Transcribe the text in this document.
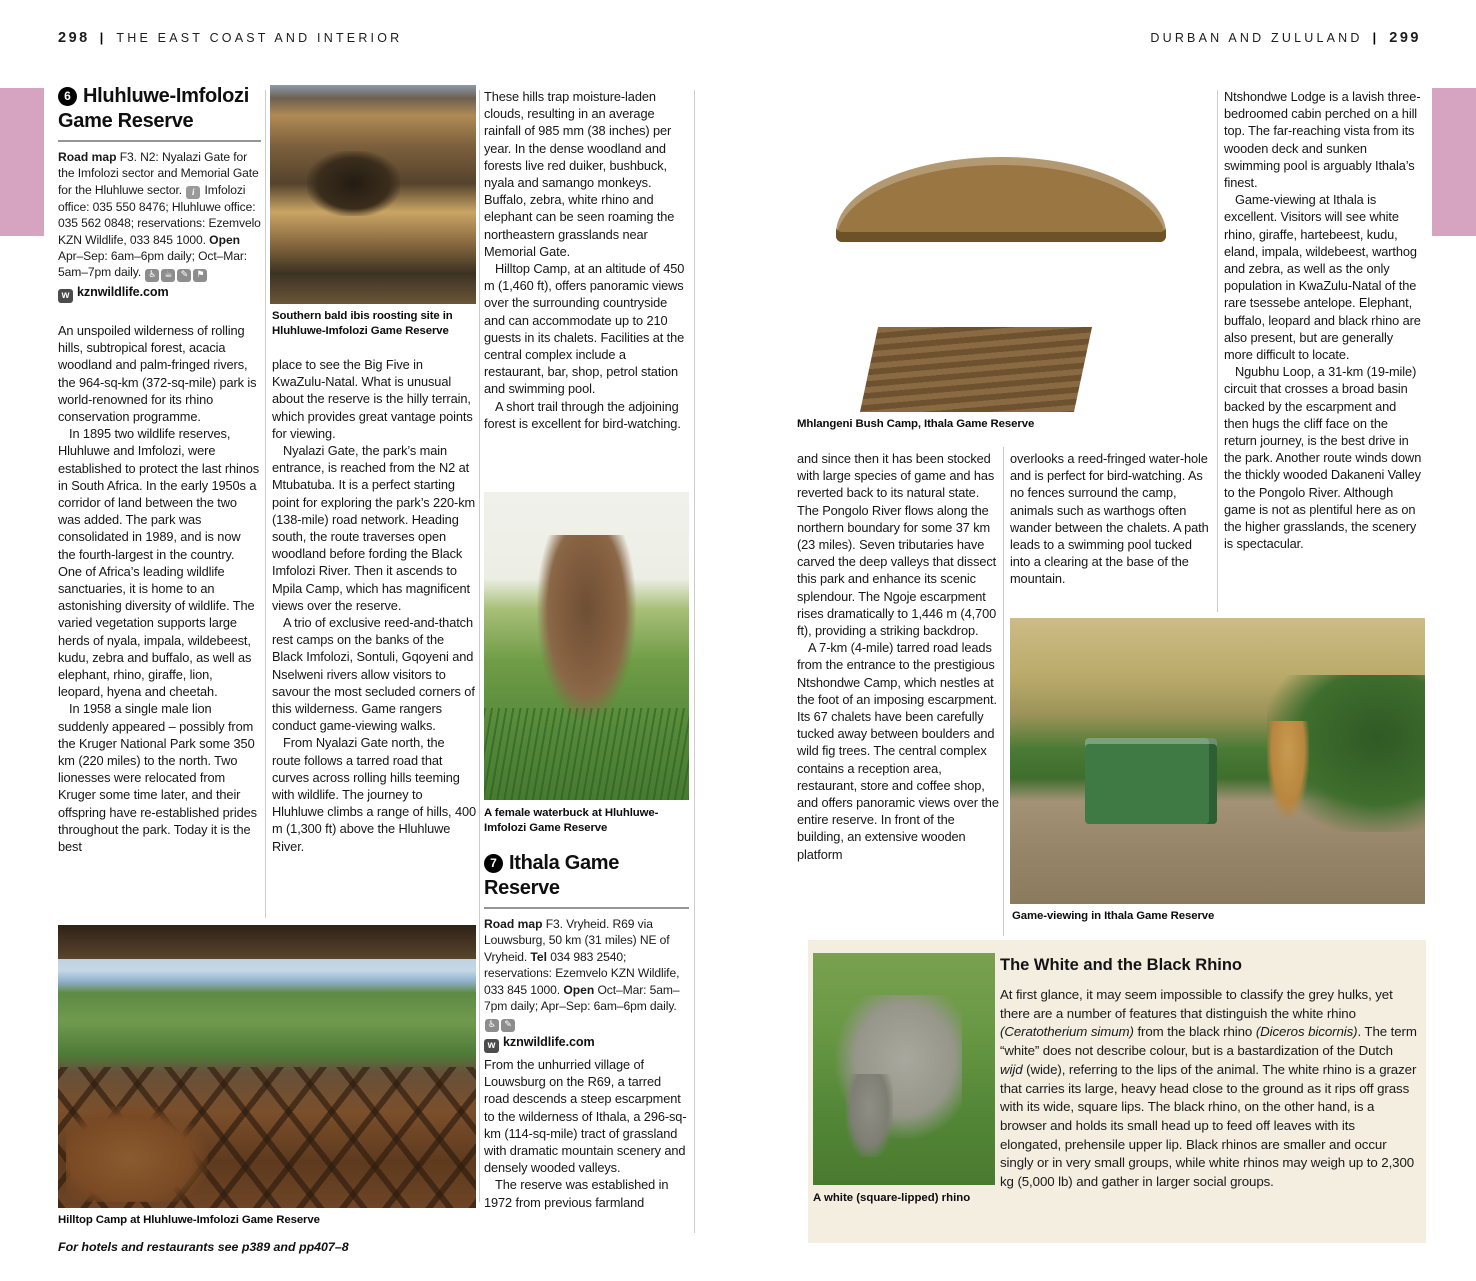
298 | THE EAST COAST AND INTERIOR	DURBAN AND ZULULAND | 299
6 Hluhluwe-Imfolozi
Game Reserve
Road map F3. N2: Nyalazi Gate for the Imfolozi sector and Memorial Gate for the Hluhluwe sector. i Imfolozi office: 035 550 8476; Hluhluwe office: 035 562 0848; reservations: Ezemvelo KZN Wildlife, 033 845 1000. Open Apr–Sep: 6am–6pm daily; Oct–Mar: 5am–7pm daily. ♿ ☕ ✎ ⚑
w kznwildlife.com

An unspoiled wilderness of rolling hills, subtropical forest, acacia woodland and palm-fringed rivers, the 964-sq-km (372-sq-mile) park is world-renowned for its rhino conservation programme.

In 1895 two wildlife reserves, Hluhluwe and Imfolozi, were established to protect the last rhinos in South Africa. In the early 1950s a corridor of land between the two was added. The park was consolidated in 1989, and is now the fourth-largest in the country. One of Africa’s leading wildlife sanctuaries, it is home to an astonishing diversity of wildlife. The varied vegetation supports large herds of nyala, impala, wildebeest, kudu, zebra and buffalo, as well as elephant, rhino, giraffe, lion, leopard, hyena and cheetah.

In 1958 a single male lion suddenly appeared – possibly from the Kruger National Park some 350 km (220 miles) to the north. Two lionesses were relocated from Kruger some time later, and their offspring have re-established prides throughout the park. Today it is the best

Southern bald ibis roosting site in Hluhluwe-Imfolozi Game Reserve

place to see the Big Five in KwaZulu-Natal. What is unusual about the reserve is the hilly terrain, which provides great vantage points for viewing.

Nyalazi Gate, the park’s main entrance, is reached from the N2 at Mtubatuba. It is a perfect starting point for exploring the park’s 220-km (138-mile) road network. Heading south, the route traverses open woodland before fording the Black Imfolozi River. Then it ascends to Mpila Camp, which has magnificent views over the reserve.

A trio of exclusive reed-and-thatch rest camps on the banks of the Black Imfolozi, Sontuli, Gqoyeni and Nselweni rivers allow visitors to savour the most secluded corners of this wilderness. Game rangers conduct game-viewing walks.

From Nyalazi Gate north, the route follows a tarred road that curves across rolling hills teeming with wildlife. The journey to Hluhluwe climbs a range of hills, 400 m (1,300 ft) above the Hluhluwe River.

These hills trap moisture-laden clouds, resulting in an average rainfall of 985 mm (38 inches) per year. In the dense woodland and forests live red duiker, bushbuck, nyala and samango monkeys. Buffalo, zebra, white rhino and elephant can be seen roaming the northeastern grasslands near Memorial Gate.

Hilltop Camp, at an altitude of 450 m (1,460 ft), offers panoramic views over the surrounding countryside and can accommodate up to 210 guests in its chalets. Facilities at the central complex include a restaurant, bar, shop, petrol station and swimming pool.

A short trail through the adjoining forest is excellent for bird-watching.

A female waterbuck at Hluhluwe-Imfolozi Game Reserve
7 Ithala Game
Reserve
Road map F3. Vryheid. R69 via Louwsburg, 50 km (31 miles) NE of Vryheid. Tel 034 983 2540; reservations: Ezemvelo KZN Wildlife, 033 845 1000. Open Oct–Mar: 5am–7pm daily; Apr–Sep: 6am–6pm daily. ♿ ✎
w kznwildlife.com

From the unhurried village of Louwsburg on the R69, a tarred road descends a steep escarpment to the wilderness of Ithala, a 296-sq-km (114-sq-mile) tract of grassland with dramatic mountain scenery and densely wooded valleys.

The reserve was established in 1972 from previous farmland

Hilltop Camp at Hluhluwe-Imfolozi Game Reserve
For hotels and restaurants see p389 and pp407–8
Mhlangeni Bush Camp, Ithala Game Reserve

and since then it has been stocked with large species of game and has reverted back to its natural state. The Pongolo River flows along the northern boundary for some 37 km (23 miles). Seven tributaries have carved the deep valleys that dissect this park and enhance its scenic splendour. The Ngoje escarpment rises dramatically to 1,446 m (4,700 ft), providing a striking backdrop.

A 7-km (4-mile) tarred road leads from the entrance to the prestigious Ntshondwe Camp, which nestles at the foot of an imposing escarpment. Its 67 chalets have been carefully tucked away between boulders and wild fig trees. The central complex contains a reception area, restaurant, store and coffee shop, and offers panoramic views over the entire reserve. In front of the building, an extensive wooden platform

overlooks a reed-fringed water-hole and is perfect for bird-watching. As no fences surround the camp, animals such as warthogs often wander between the chalets. A path leads to a swimming pool tucked into a clearing at the base of the mountain.

Game-viewing in Ithala Game Reserve

Ntshondwe Lodge is a lavish three-bedroomed cabin perched on a hill top. The far-reaching vista from its wooden deck and sunken swimming pool is arguably Ithala’s finest.

Game-viewing at Ithala is excellent. Visitors will see white rhino, giraffe, hartebeest, kudu, eland, impala, wildebeest, warthog and zebra, as well as the only population in KwaZulu-Natal of the rare tsessebe antelope. Elephant, buffalo, leopard and black rhino are also present, but are generally more difficult to locate.

Ngubhu Loop, a 31-km (19-mile) circuit that crosses a broad basin backed by the escarpment and then hugs the cliff face on the return journey, is the best drive in the park. Another route winds down the thickly wooded Dakaneni Valley to the Pongolo River. Although game is not as plentiful here as on the higher grasslands, the scenery is spectacular.

A white (square-lipped) rhino
The White and the Black Rhino
At first glance, it may seem impossible to classify the grey hulks, yet there are a number of features that distinguish the white rhino (Ceratotherium simum) from the black rhino (Diceros bicornis). The term “white” does not describe colour, but is a bastardization of the Dutch wijd (wide), referring to the lips of the animal. The white rhino is a grazer that carries its large, heavy head close to the ground as it rips off grass with its wide, square lips. The black rhino, on the other hand, is a browser and holds its small head up to feed off leaves with its elongated, prehensile upper lip. Black rhinos are smaller and occur singly or in very small groups, while white rhinos may weigh up to 2,300 kg (5,000 lb) and gather in larger social groups.
